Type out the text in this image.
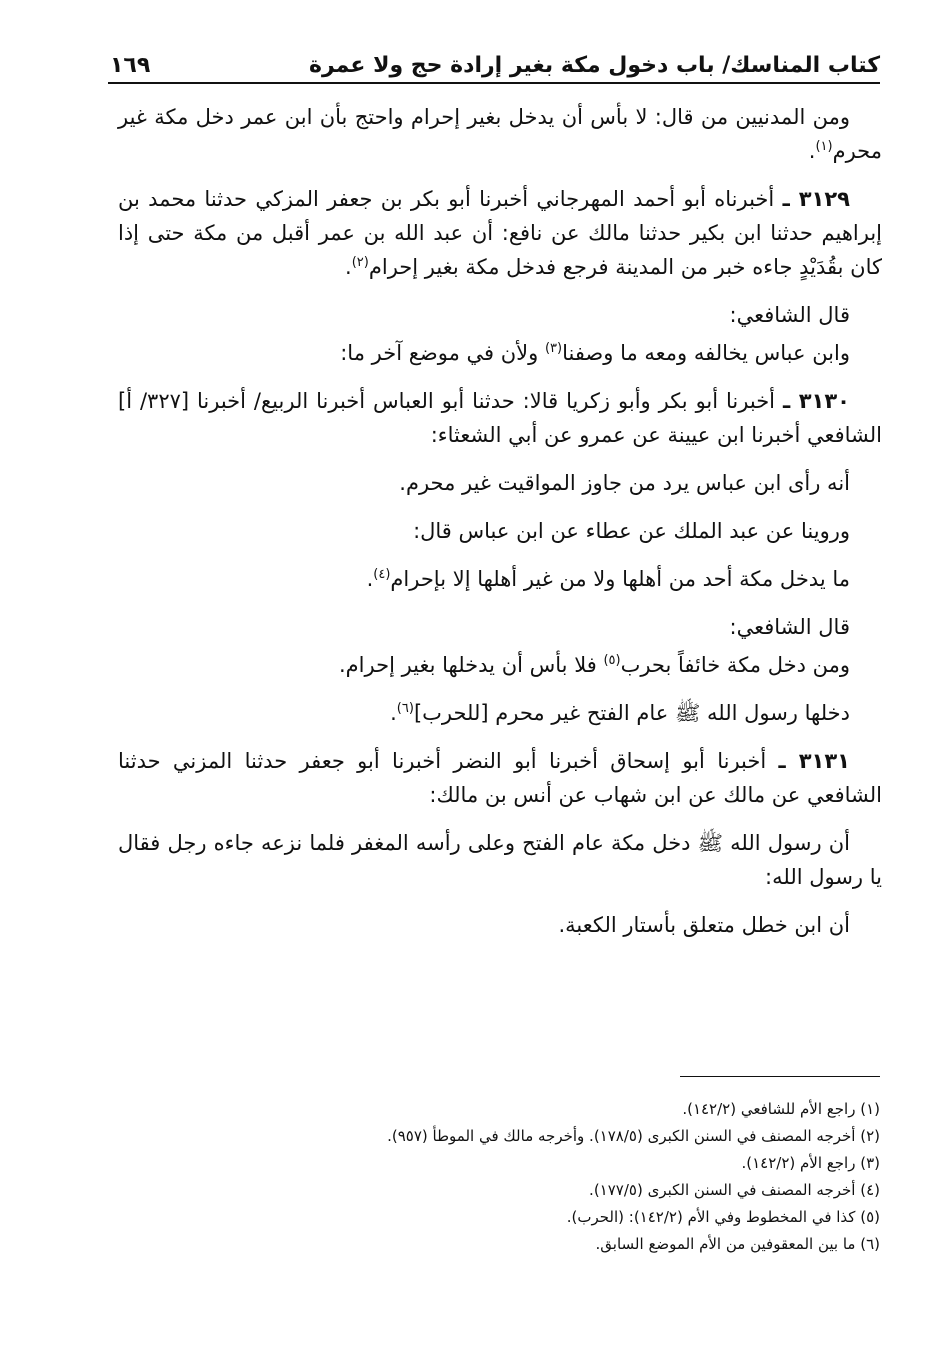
كتاب المناسك/ باب دخول مكة بغير إرادة حج ولا عمرة
١٦٩

ومن المدنيين من قال: لا بأس أن يدخل بغير إحرام واحتج بأن ابن عمر دخل مكة غير محرم$^{(١)}$.

٣١٢٩ ـ أخبرناه أبو أحمد المهرجاني أخبرنا أبو بكر بن جعفر المزكي حدثنا محمد بن إبراهيم حدثنا ابن بكير حدثنا مالك عن نافع: أن عبد الله بن عمر أقبل من مكة حتى إذا كان بقُدَيْدٍ جاءه خبر من المدينة فرجع فدخل مكة بغير إحرام$^{(٢)}$.

قال الشافعي:

وابن عباس يخالفه ومعه ما وصفنا$^{(٣)}$ ولأن في موضع آخر ما:

٣١٣٠ ـ أخبرنا أبو بكر وأبو زكريا قالا: حدثنا أبو العباس أخبرنا الربيع/ أخبرنا [٣٢٧/ أ] الشافعي أخبرنا ابن عيينة عن عمرو عن أبي الشعثاء:

أنه رأى ابن عباس يرد من جاوز المواقيت غير محرم.

وروينا عن عبد الملك عن عطاء عن ابن عباس قال:

ما يدخل مكة أحد من أهلها ولا من غير أهلها إلا بإحرام$^{(٤)}$.

قال الشافعي:

ومن دخل مكة خائفاً بحرب$^{(٥)}$ فلا بأس أن يدخلها بغير إحرام.

دخلها رسول الله ﷺ عام الفتح غير محرم [للحرب]$^{(٦)}$.

٣١٣١ ـ أخبرنا أبو إسحاق أخبرنا أبو النضر أخبرنا أبو جعفر حدثنا المزني حدثنا الشافعي عن مالك عن ابن شهاب عن أنس بن مالك:

أن رسول الله ﷺ دخل مكة عام الفتح وعلى رأسه المغفر فلما نزعه جاءه رجل فقال يا رسول الله:

أن ابن خطل متعلق بأستار الكعبة.

(١) راجع الأم للشافعي (١٤٢/٢).

(٢) أخرجه المصنف في السنن الكبرى (١٧٨/٥). وأخرجه مالك في الموطأ (٩٥٧).

(٣) راجع الأم (١٤٢/٢).

(٤) أخرجه المصنف في السنن الكبرى (١٧٧/٥).

(٥) كذا في المخطوط وفي الأم (١٤٢/٢): (الحرب).

(٦) ما بين المعقوفين من الأم الموضع السابق.
